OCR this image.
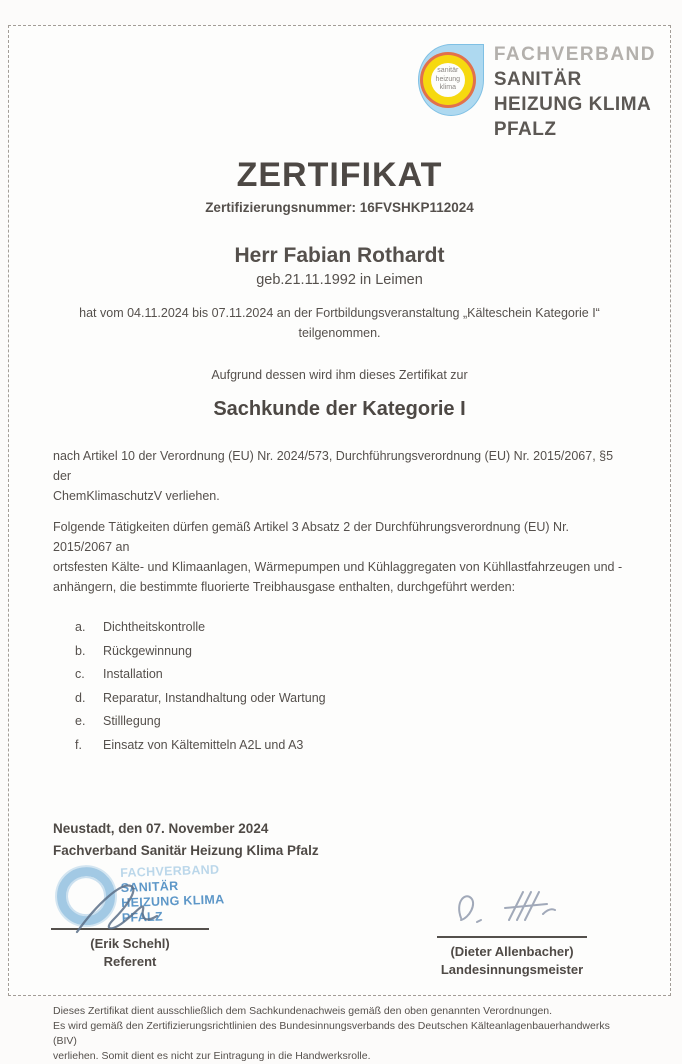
sanitär
heizung
klima
FACHVERBAND
SANITÄR
HEIZUNG KLIMA
PFALZ
ZERTIFIKAT
Zertifizierungsnummer: 16FVSHKP112024
Herr Fabian Rothardt
geb.21.11.1992 in Leimen
hat vom 04.11.2024 bis 07.11.2024 an der Fortbildungsveranstaltung „Kälteschein Kategorie I“
teilgenommen.
Aufgrund dessen wird ihm dieses Zertifikat zur
Sachkunde der Kategorie I
nach Artikel 10 der Verordnung (EU) Nr. 2024/573, Durchführungsverordnung (EU) Nr. 2015/2067, §5 der
ChemKlimaschutzV verliehen.
Folgende Tätigkeiten dürfen gemäß Artikel 3 Absatz 2 der Durchführungsverordnung (EU) Nr. 2015/2067 an
ortsfesten Kälte- und Klimaanlagen, Wärmepumpen und Kühlaggregaten von Kühllastfahrzeugen und -
anhängern, die bestimmte fluorierte Treibhausgase enthalten, durchgeführt werden:
a.	Dichtheitskontrolle
b.	Rückgewinnung
c.	Installation
d.	Reparatur, Instandhaltung oder Wartung
e.	Stilllegung
f.	Einsatz von Kältemitteln A2L und A3
Neustadt, den 07. November 2024
Fachverband Sanitär Heizung Klima Pfalz
FACHVERBAND
SANITÄR
HEIZUNG KLIMA
PFALZ
(Erik Schehl)
Referent
(Dieter Allenbacher)
Landesinnungsmeister
Dieses Zertifikat dient ausschließlich dem Sachkundenachweis gemäß den oben genannten Verordnungen.
Es wird gemäß den Zertifizierungsrichtlinien des Bundesinnungsverbands des Deutschen Kälteanlagenbauerhandwerks (BIV)
verliehen. Somit dient es nicht zur Eintragung in die Handwerksrolle.
